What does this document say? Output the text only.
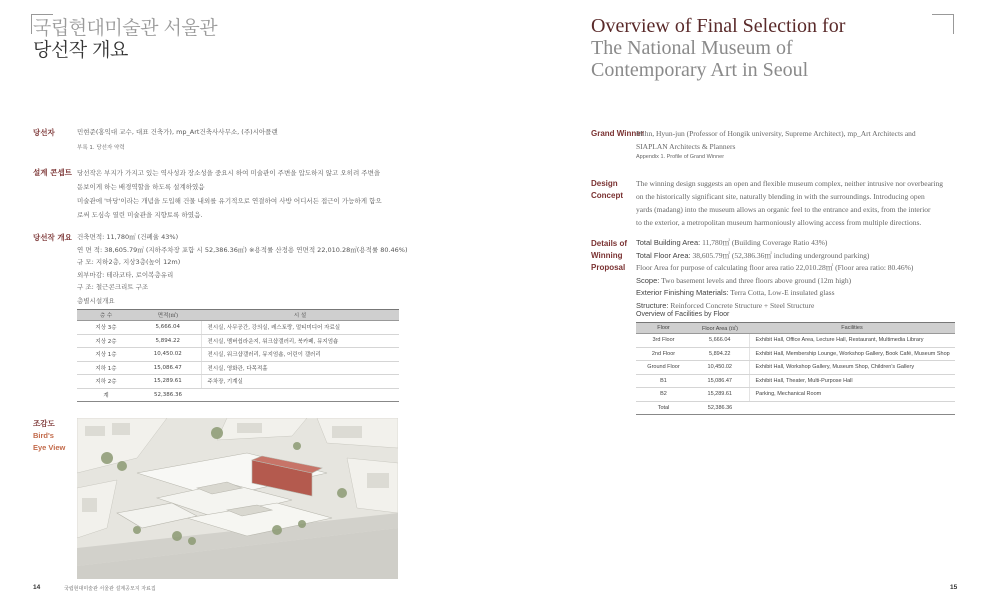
국립현대미술관 서울관
당선작 개요
당선자	민현준(홍익대 교수, 대표 건축가), mp_Art건축사사무소, (주)시아플랜
부록 1. 당선자 약력
설계 콘셉트 당선작은 부지가 가지고 있는 역사성과 장소성을 중요시 하여 미술관이 주변을 압도하지 않고 오히려 주변을
돋보이게 하는 배경역할을 하도록 설계하였음
미술관에 '마당'이라는 개념을 도입해 건물 내외를 유기적으로 연결하여 사방 어디서든 접근이 가능하게 함으
로써 도심속 열린 미술관을 지향토록 하였음.
당선작 개요 건축면적: 11,780㎡ (건폐율 43%)
연 면 적: 38,605.79㎡ (지하주차장 포함 시 52,386.36㎡) ※용적률 산정용 연면적 22,010.28㎡(용적률 80.46%)
규 모: 지하2층, 지상3층(높이 12m)
외부마감: 테라코타, 로이복층유리
구 조: 철근콘크리트 구조
층별시설개요
층 수	면적(㎡)	시 설
지상 3층	5,666.04	전시실, 사무공간, 강의실, 레스토랑, 멀티미디어 자료실
지상 2층	5,894.22	전시실, 멤버쉽라운지, 워크샵갤러리, 북카페, 뮤지엄숍
지상 1층	10,450.02	전시실, 워크샵갤러리, 뮤지엄숍, 어린이 갤러리
지하 1층	15,086.47	전시실, 영화관, 다목적홀
지하 2층	15,289.61	주차장, 기계실
계	52,386.36	
조감도
Bird's
Eye View
14	국립현대미술관 서울관 설계공모지 자료집
Overview of Final Selection for
The National Museum of
Contemporary Art in Seoul
Grand Winner
Mihn, Hyun-jun (Professor of Hongik university, Supreme Architect), mp_Art Architects and
SIAPLAN Architects & Planners
Appendix 1. Profile of Grand Winner
Design
Concept
The winning design suggests an open and flexible museum complex, neither intrusive nor overbearing
on the historically significant site, naturally blending in with the surroundings. Introducing open
yards (madang) into the museum allows an organic feel to the entrance and exits, from the interior
to the exterior, a metropolitan museum harmoniously allowing access from multiple directions.
Details of
Winning
Proposal
Total Building Area: 11,780㎡ (Building Coverage Ratio 43%)
Total Floor Area: 38,605.79㎡ (52,386.36㎡ including underground parking)
Floor Area for purpose of calculating floor area ratio 22,010.28㎡ (Floor area ratio: 80.46%)
Scope: Two basement levels and three floors above ground (12m high)
Exterior Finishing Materials: Terra Cotta, Low-E insulated glass
Structure: Reinforced Concrete Structure + Steel Structure
Overview of Facilities by Floor
Floor	Floor Area (㎡)	Facilities
3rd Floor	5,666.04	Exhibit Hall, Office Area, Lecture Hall, Restaurant, Multimedia Library
2nd Floor	5,894.22	Exhibit Hall, Membership Lounge, Workshop Gallery, Book Café, Museum Shop
Ground Floor	10,450.02	Exhibit Hall, Workshop Gallery, Museum Shop, Children's Gallery
B1	15,086.47	Exhibit Hall, Theater, Multi-Purpose Hall
B2	15,289.61	Parking, Mechanical Room
Total	52,386.36	
15
